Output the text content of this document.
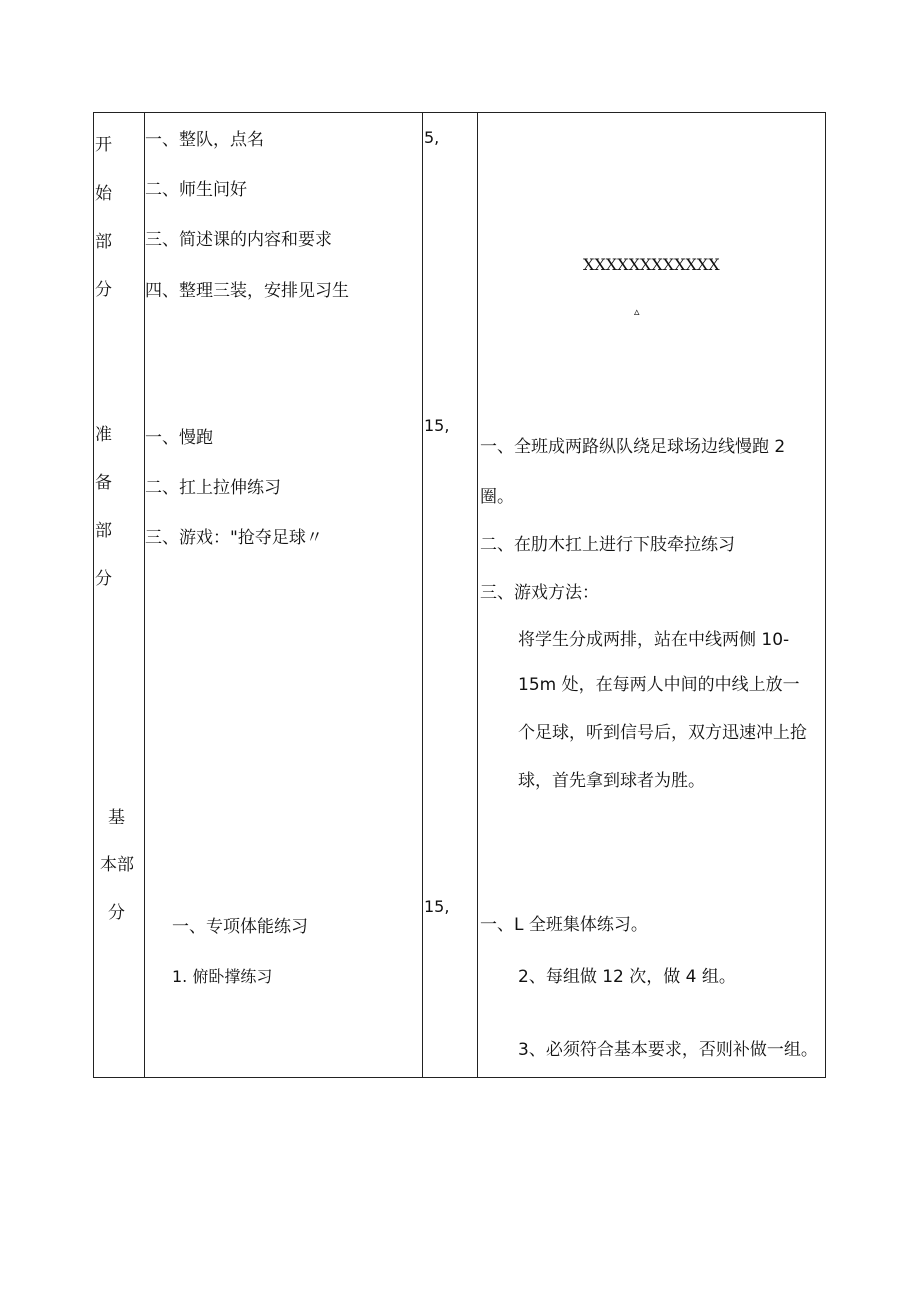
开
始
部
分
准
备
部
分
基
本部
分
一、整队，点名
二、师生问好
三、简述课的内容和要求
四、整理三装，安排见习生
一、慢跑
二、扛上拉伸练习
三、游戏："抢夺足球〃
一、专项体能练习
1. 俯卧撑练习
5,
15,
15,
XXXXXXXXXXXX
▵
一、全班成两路纵队绕足球场边线慢跑 2
圈。
二、在肋木扛上进行下肢牵拉练习
三、游戏方法：
将学生分成两排，站在中线两侧 10-
15m 处，在每两人中间的中线上放一
个足球，听到信号后，双方迅速冲上抢
球，首先拿到球者为胜。
一、L 全班集体练习。
2、每组做 12 次，做 4 组。
3、必须符合基本要求，否则补做一组。
